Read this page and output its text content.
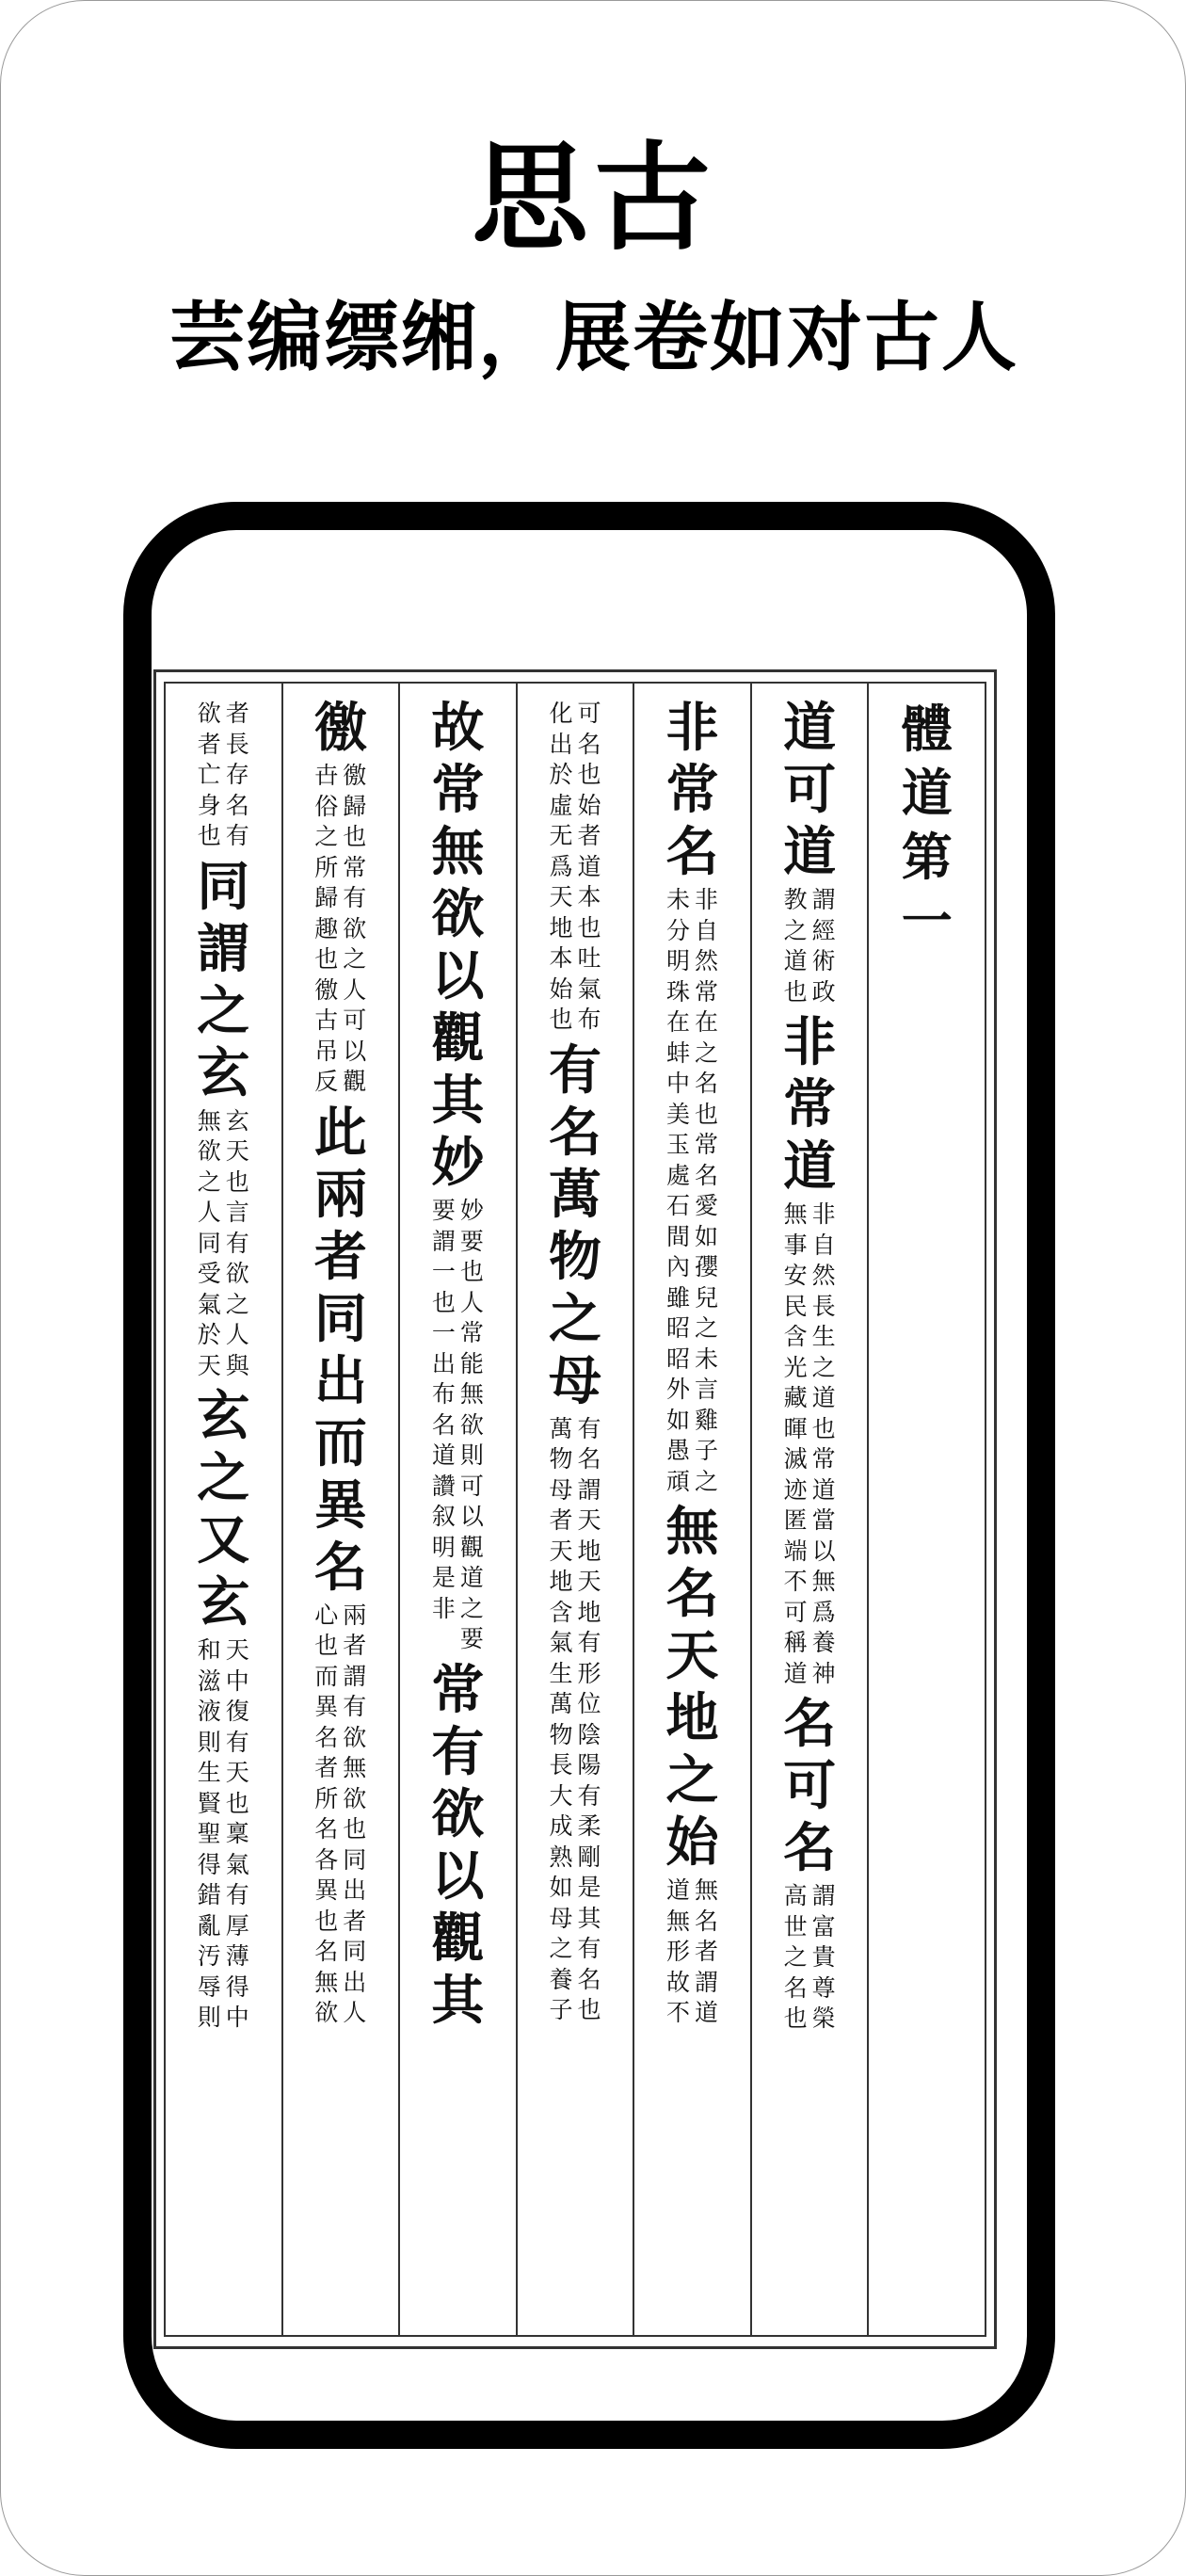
思古
芸编缥缃，展卷如对古人
體
道
第
一
道
可
道
謂
經
術
政
教
之
道
也
非
常
道
非
自
然
長
生
之
道
也
常
道
當
以
無
爲
養
神
無
事
安
民
含
光
藏
暉
滅
迹
匿
端
不
可
稱
道
名
可
名
謂
富
貴
尊
榮
高
世
之
名
也
非
常
名
非
自
然
常
在
之
名
也
常
名
愛
如
孾
兒
之
未
言
雞
子
之
未
分
明
珠
在
蚌
中
美
玉
處
石
間
內
雖
昭
昭
外
如
愚
頑
無
名
天
地
之
始
無
名
者
謂
道
道
無
形
故
不
可
名
也
始
者
道
本
也
吐
氣
布
化
出
於
虛
无
爲
天
地
本
始
也
有
名
萬
物
之
母
有
名
謂
天
地
天
地
有
形
位
陰
陽
有
柔
剛
是
其
有
名
也
萬
物
母
者
天
地
含
氣
生
萬
物
長
大
成
熟
如
母
之
養
子
故
常
無
欲
以
觀
其
妙
妙
要
也
人
常
能
無
欲
則
可
以
觀
道
之
要
要
謂
一
也
一
出
布
名
道
讚
叙
明
是
非
常
有
欲
以
觀
其
徼
徼
歸
也
常
有
欲
之
人
可
以
觀
卋
俗
之
所
歸
趣
也
徼
古
吊
反
此
兩
者
同
出
而
異
名
兩
者
謂
有
欲
無
欲
也
同
出
者
同
出
人
心
也
而
異
名
者
所
名
各
異
也
名
無
欲
者
長
存
名
有
欲
者
亡
身
也
同
謂
之
玄
玄
天
也
言
有
欲
之
人
與
無
欲
之
人
同
受
氣
於
天
玄
之
又
玄
天
中
復
有
天
也
稟
氣
有
厚
薄
得
中
和
滋
液
則
生
賢
聖
得
錯
亂
汚
辱
則
